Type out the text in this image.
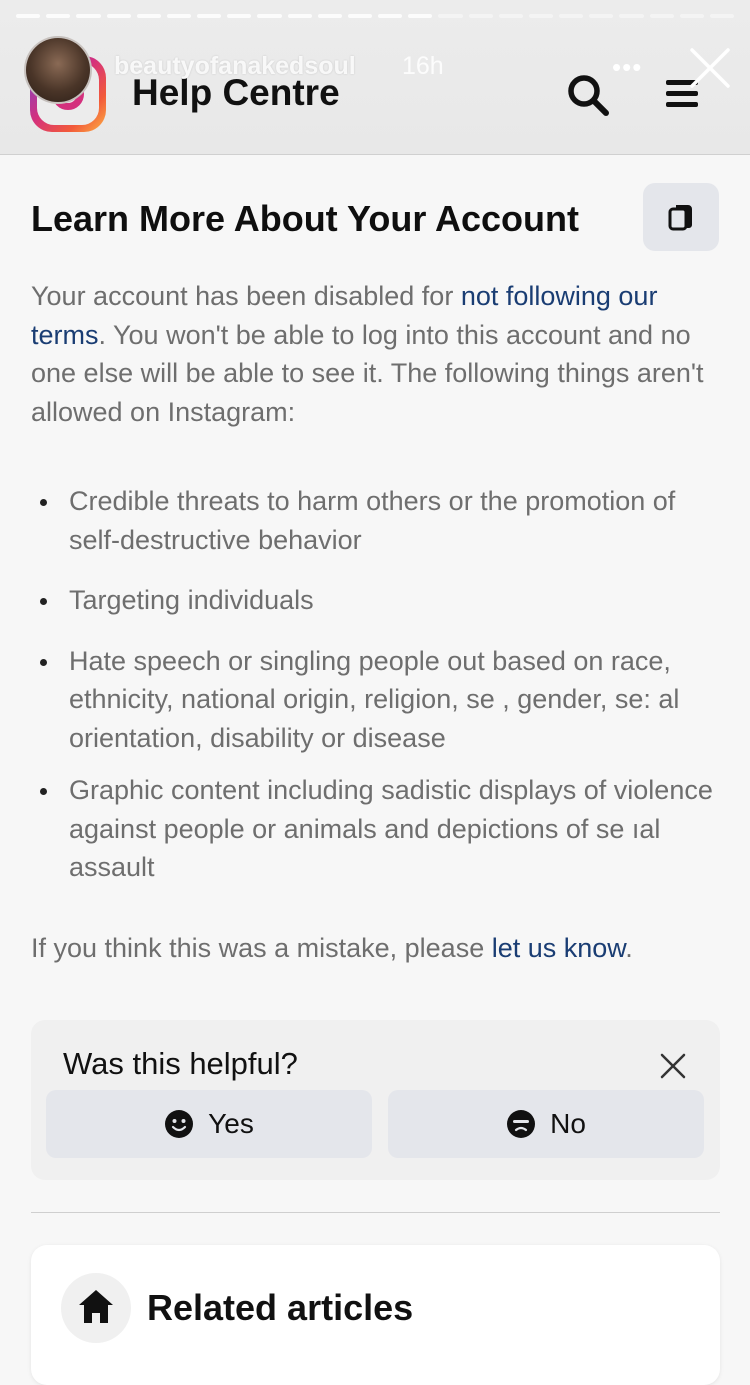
Help Centre
beautyofanakedsoul 16h	•••
Learn More About Your Account
Your account has been disabled for not following our terms. You won't be able to log into this account and no one else will be able to see it. The following things aren't allowed on Instagram:
Credible threats to harm others or the promotion of self-destructive behavior
Targeting individuals
Hate speech or singling people out based on race, ethnicity, national origin, religion, se , gender, se: al orientation, disability or disease
Graphic content including sadistic displays of violence against people or animals and depictions of se ıal assault
If you think this was a mistake, please let us know.
Was this helpful?
Yes	No
Related articles
